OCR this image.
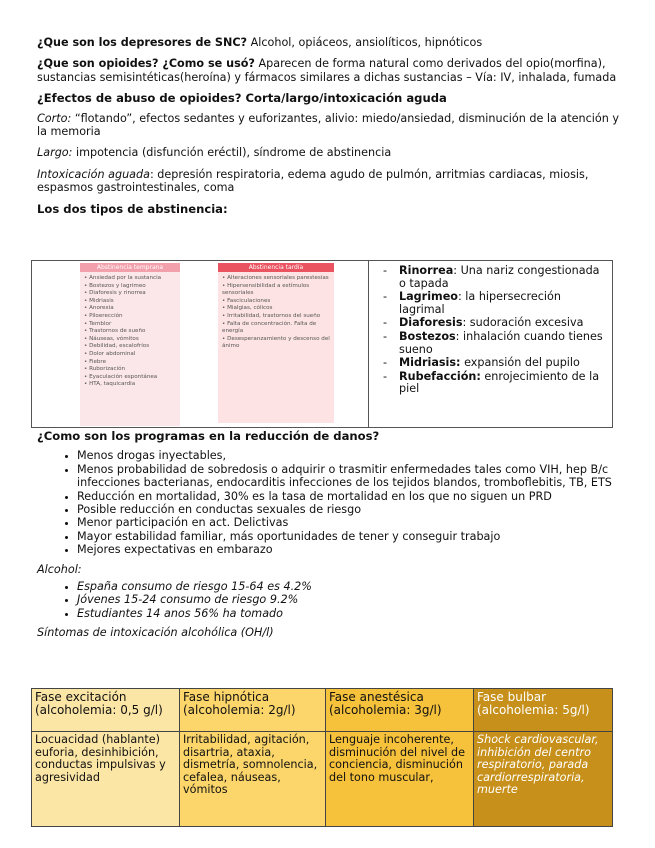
¿Que son los depresores de SNC? Alcohol, opiáceos, ansiolíticos, hipnóticos

¿Que son opioides? ¿Como se usó? Aparecen de forma natural como derivados del opio(morfina), sustancias semisintéticas(heroína) y fármacos similares a dichas sustancias – Vía: IV, inhalada, fumada

¿Efectos de abuso de opioides? Corta/largo/intoxicación aguda

Corto: “flotando”, efectos sedantes y euforizantes, alivio: miedo/ansiedad, disminución de la atención y la memoria

Largo: impotencia (disfunción eréctil), síndrome de abstinencia

Intoxicación aguada: depresión respiratoria, edema agudo de pulmón, arritmias cardiacas, miosis, espasmos gastrointestinales, coma

Los dos tipos de abstinencia:
Abstinencia temprana
• Ansiedad por la sustancia
• Bostezos y lagrimeo
• Diaforesis y rinorrea
• Midriasis
• Anorexia
• Piloerección
• Temblor
• Trastornos de sueño
• Náuseas, vómitos
• Debilidad, escalofríos
• Dolor abdominal
• Fiebre
• Ruborización
• Eyaculación espontánea
• HTA, taquicardia
Abstinencia tardía
• Alteraciones sensoriales parestesias
• Hipersensibilidad a estímulos sensoriales
• Fasciculaciones
• Mialgias, cólicos
• Irritabilidad, trastornos del sueño
• Falta de concentración. Falta de energía
• Desesperanzamiento y descenso del ánimo
- Rinorrea: Una nariz congestionada o tapada
- Lagrimeo: la hipersecreción lagrimal
- Diaforesis: sudoración excesiva
- Bostezos: inhalación cuando tienes sueno
- Midriasis: expansión del pupilo
- Rubefacción: enrojecimiento de la piel
¿Como son los programas en la reducción de danos?
• Menos drogas inyectables,
• Menos probabilidad de sobredosis o adquirir o trasmitir enfermedades tales como VIH, hep B/c infecciones bacterianas, endocarditis infecciones de los tejidos blandos, tromboflebitis, TB, ETS
• Reducción en mortalidad, 30% es la tasa de mortalidad en los que no siguen un PRD
• Posible reducción en conductas sexuales de riesgo
• Menor participación en act. Delictivas
• Mayor estabilidad familiar, más oportunidades de tener y conseguir trabajo
• Mejores expectativas en embarazo

Alcohol:

• España consumo de riesgo 15-64 es 4.2%
• Jóvenes 15-24 consumo de riesgo 9.2%
• Estudiantes 14 anos 56% ha tomado

Síntomas de intoxicación alcohólica (OH/l)

Fase excitación (alcoholemia: 0,5 g/l)	Fase hipnótica (alcoholemia: 2g/l)	Fase anestésica (alcoholemia: 3g/l)	Fase bulbar (alcoholemia: 5g/l)
Locuacidad (hablante) euforia, desinhibición, conductas impulsivas y agresividad	Irritabilidad, agitación, disartria, ataxia, dismetría, somnolencia, cefalea, náuseas, vómitos	Lenguaje incoherente, disminución del nivel de conciencia, disminución del tono muscular,	Shock cardiovascular, inhibición del centro respiratorio, parada cardiorrespiratoria, muerte
